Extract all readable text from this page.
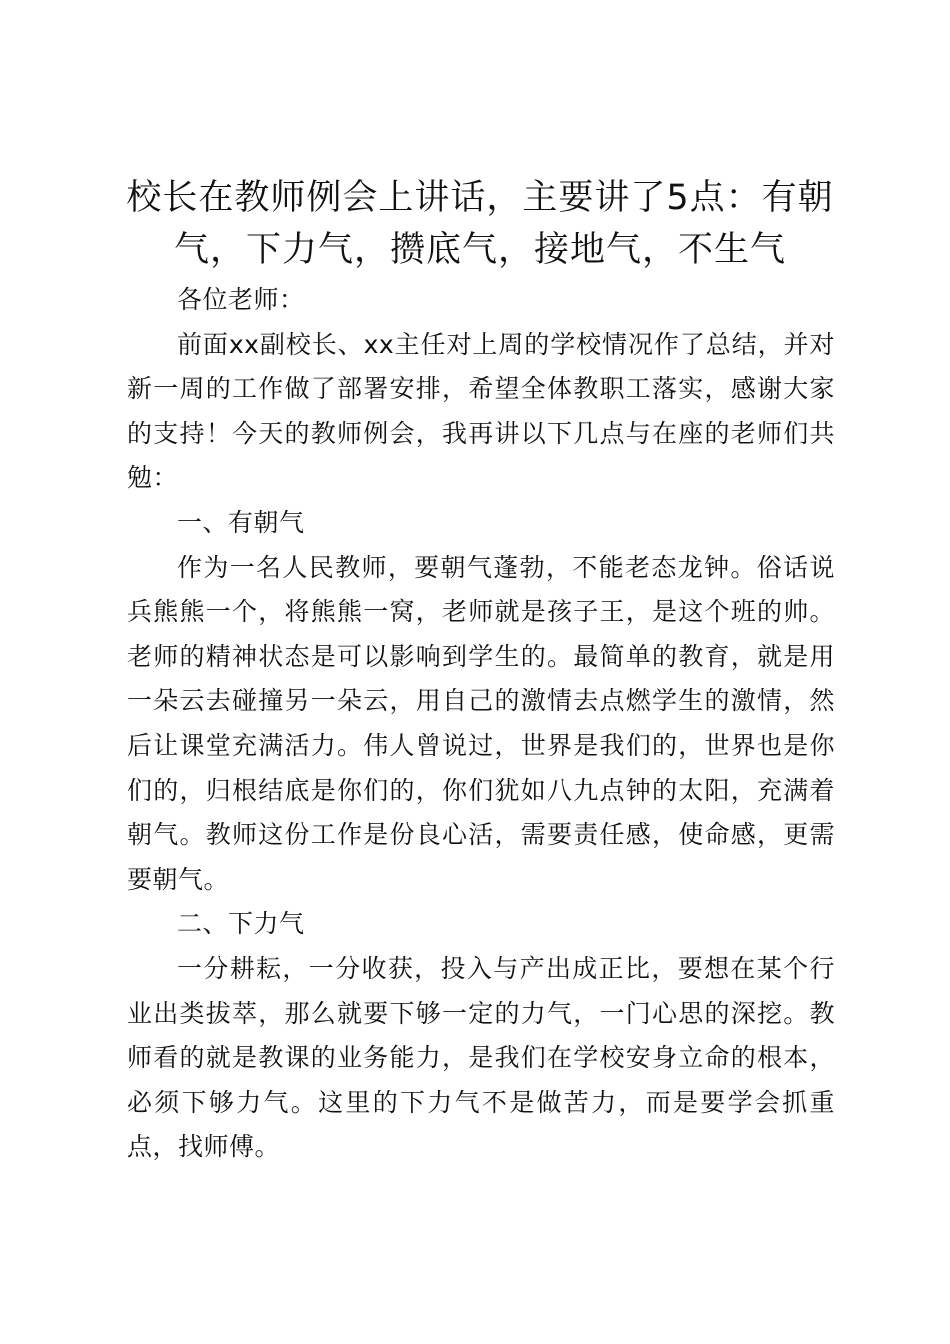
校长在教师例会上讲话，主要讲了5点：有朝气，下力气，攒底气，接地气，不生气

各位老师：

前面xx副校长、xx主任对上周的学校情况作了总结，并对新一周的工作做了部署安排，希望全体教职工落实，感谢大家的支持！今天的教师例会，我再讲以下几点与在座的老师们共勉：

一、有朝气

作为一名人民教师，要朝气蓬勃，不能老态龙钟。俗话说兵熊熊一个，将熊熊一窝，老师就是孩子王，是这个班的帅。老师的精神状态是可以影响到学生的。最简单的教育，就是用一朵云去碰撞另一朵云，用自己的激情去点燃学生的激情，然后让课堂充满活力。伟人曾说过，世界是我们的，世界也是你们的，归根结底是你们的，你们犹如八九点钟的太阳，充满着朝气。教师这份工作是份良心活，需要责任感，使命感，更需要朝气。

二、下力气

一分耕耘，一分收获，投入与产出成正比，要想在某个行业出类拔萃，那么就要下够一定的力气，一门心思的深挖。教师看的就是教课的业务能力，是我们在学校安身立命的根本，必须下够力气。这里的下力气不是做苦力，而是要学会抓重点，找师傅。
